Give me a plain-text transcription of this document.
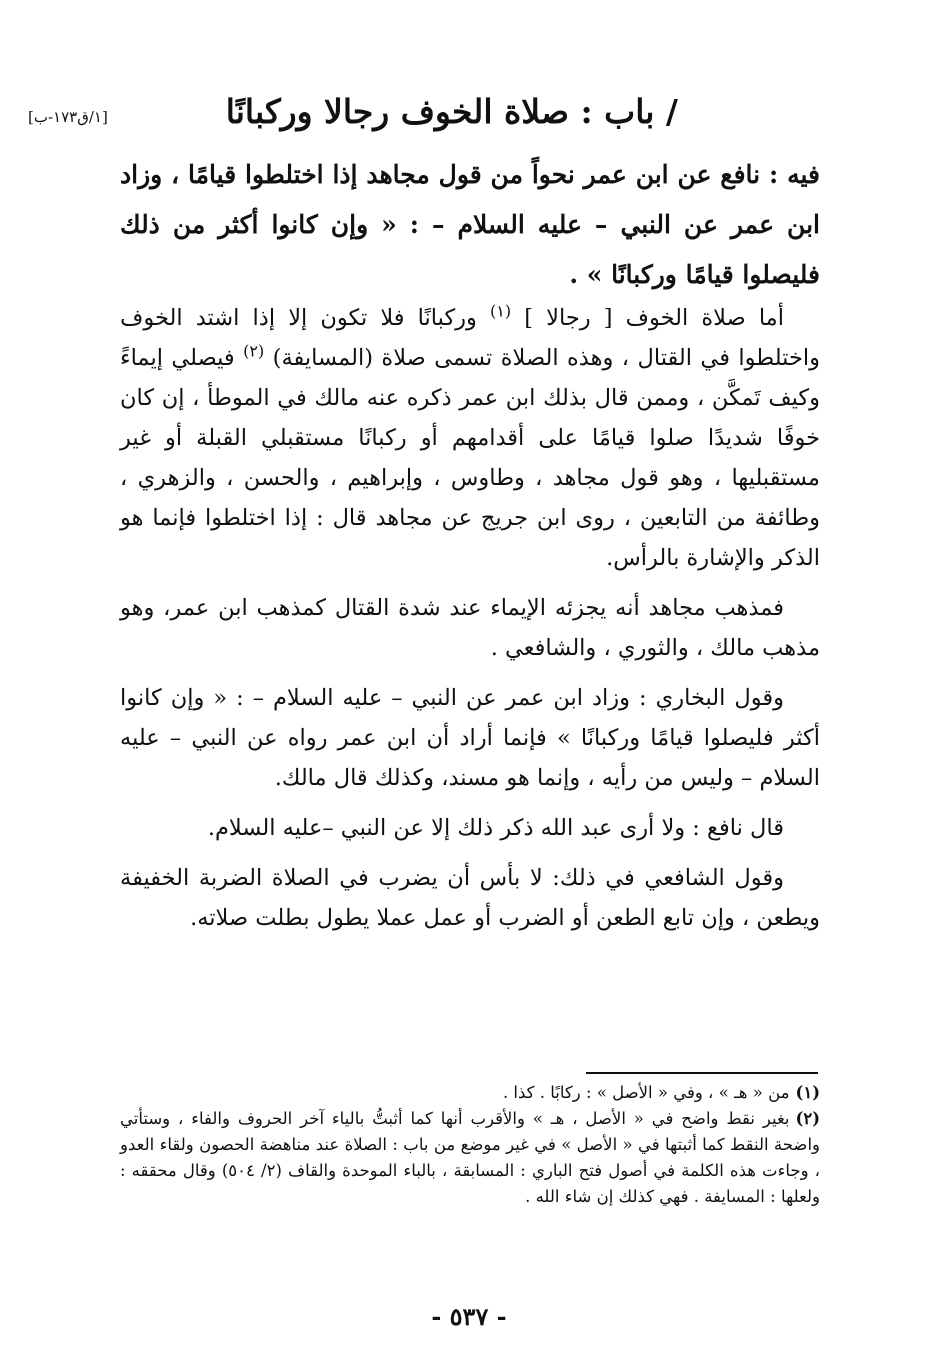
[١/ق١٧٣-ب]	/ باب : صلاة الخوف رجالا وركبانًا
فيه : نافع عن ابن عمر نحواً من قول مجاهد إذا اختلطوا قيامًا ، وزاد ابن عمر عن النبي – عليه السلام – : « وإن كانوا أكثر من ذلك فليصلوا قيامًا وركبانًا » .

أما صلاة الخوف [ رجالا ] $^{(١)}$ وركبانًا فلا تكون إلا إذا اشتد الخوف واختلطوا في القتال ، وهذه الصلاة تسمى صلاة (المسايفة) $^{(٢)}$ فيصلي إيماءً وكيف تَمكَّن ، وممن قال بذلك ابن عمر ذكره عنه مالك في الموطأ ، إن كان خوفًا شديدًا صلوا قيامًا على أقدامهم أو ركبانًا مستقبلي القبلة أو غير مستقبليها ، وهو قول مجاهد ، وطاوس ، وإبراهيم ، والحسن ، والزهري ، وطائفة من التابعين ، روى ابن جريج عن مجاهد قال : إذا اختلطوا فإنما هو الذكر والإشارة بالرأس.

فمذهب مجاهد أنه يجزئه الإيماء عند شدة القتال كمذهب ابن عمر، وهو مذهب مالك ، والثوري ، والشافعي .

وقول البخاري : وزاد ابن عمر عن النبي – عليه السلام – : « وإن كانوا أكثر فليصلوا قيامًا وركبانًا » فإنما أراد أن ابن عمر رواه عن النبي – عليه السلام – وليس من رأيه ، وإنما هو مسند، وكذلك قال مالك.

قال نافع : ولا أرى عبد الله ذكر ذلك إلا عن النبي –عليه السلام.

وقول الشافعي في ذلك: لا بأس أن يضرب في الصلاة الضربة الخفيفة ويطعن ، وإن تابع الطعن أو الضرب أو عمل عملا يطول بطلت صلاته.

(١)من « هـ » ، وفي « الأصل » : ركابًا . كذا .

(٢)بغير نقط واضح في « الأصل ، هـ » والأقرب أنها كما أثبتُّ بالياء آخر الحروف والفاء ، وستأتي واضحة النقط كما أثبتها في « الأصل » في غير موضع من باب : الصلاة عند مناهضة الحصون ولقاء العدو ، وجاءت هذه الكلمة في أصول فتح الباري : المسابقة ، بالباء الموحدة والقاف (٢/ ٥٠٤) وقال محققه : ولعلها : المسايفة . فهي كذلك إن شاء الله .

- ٥٣٧ -
